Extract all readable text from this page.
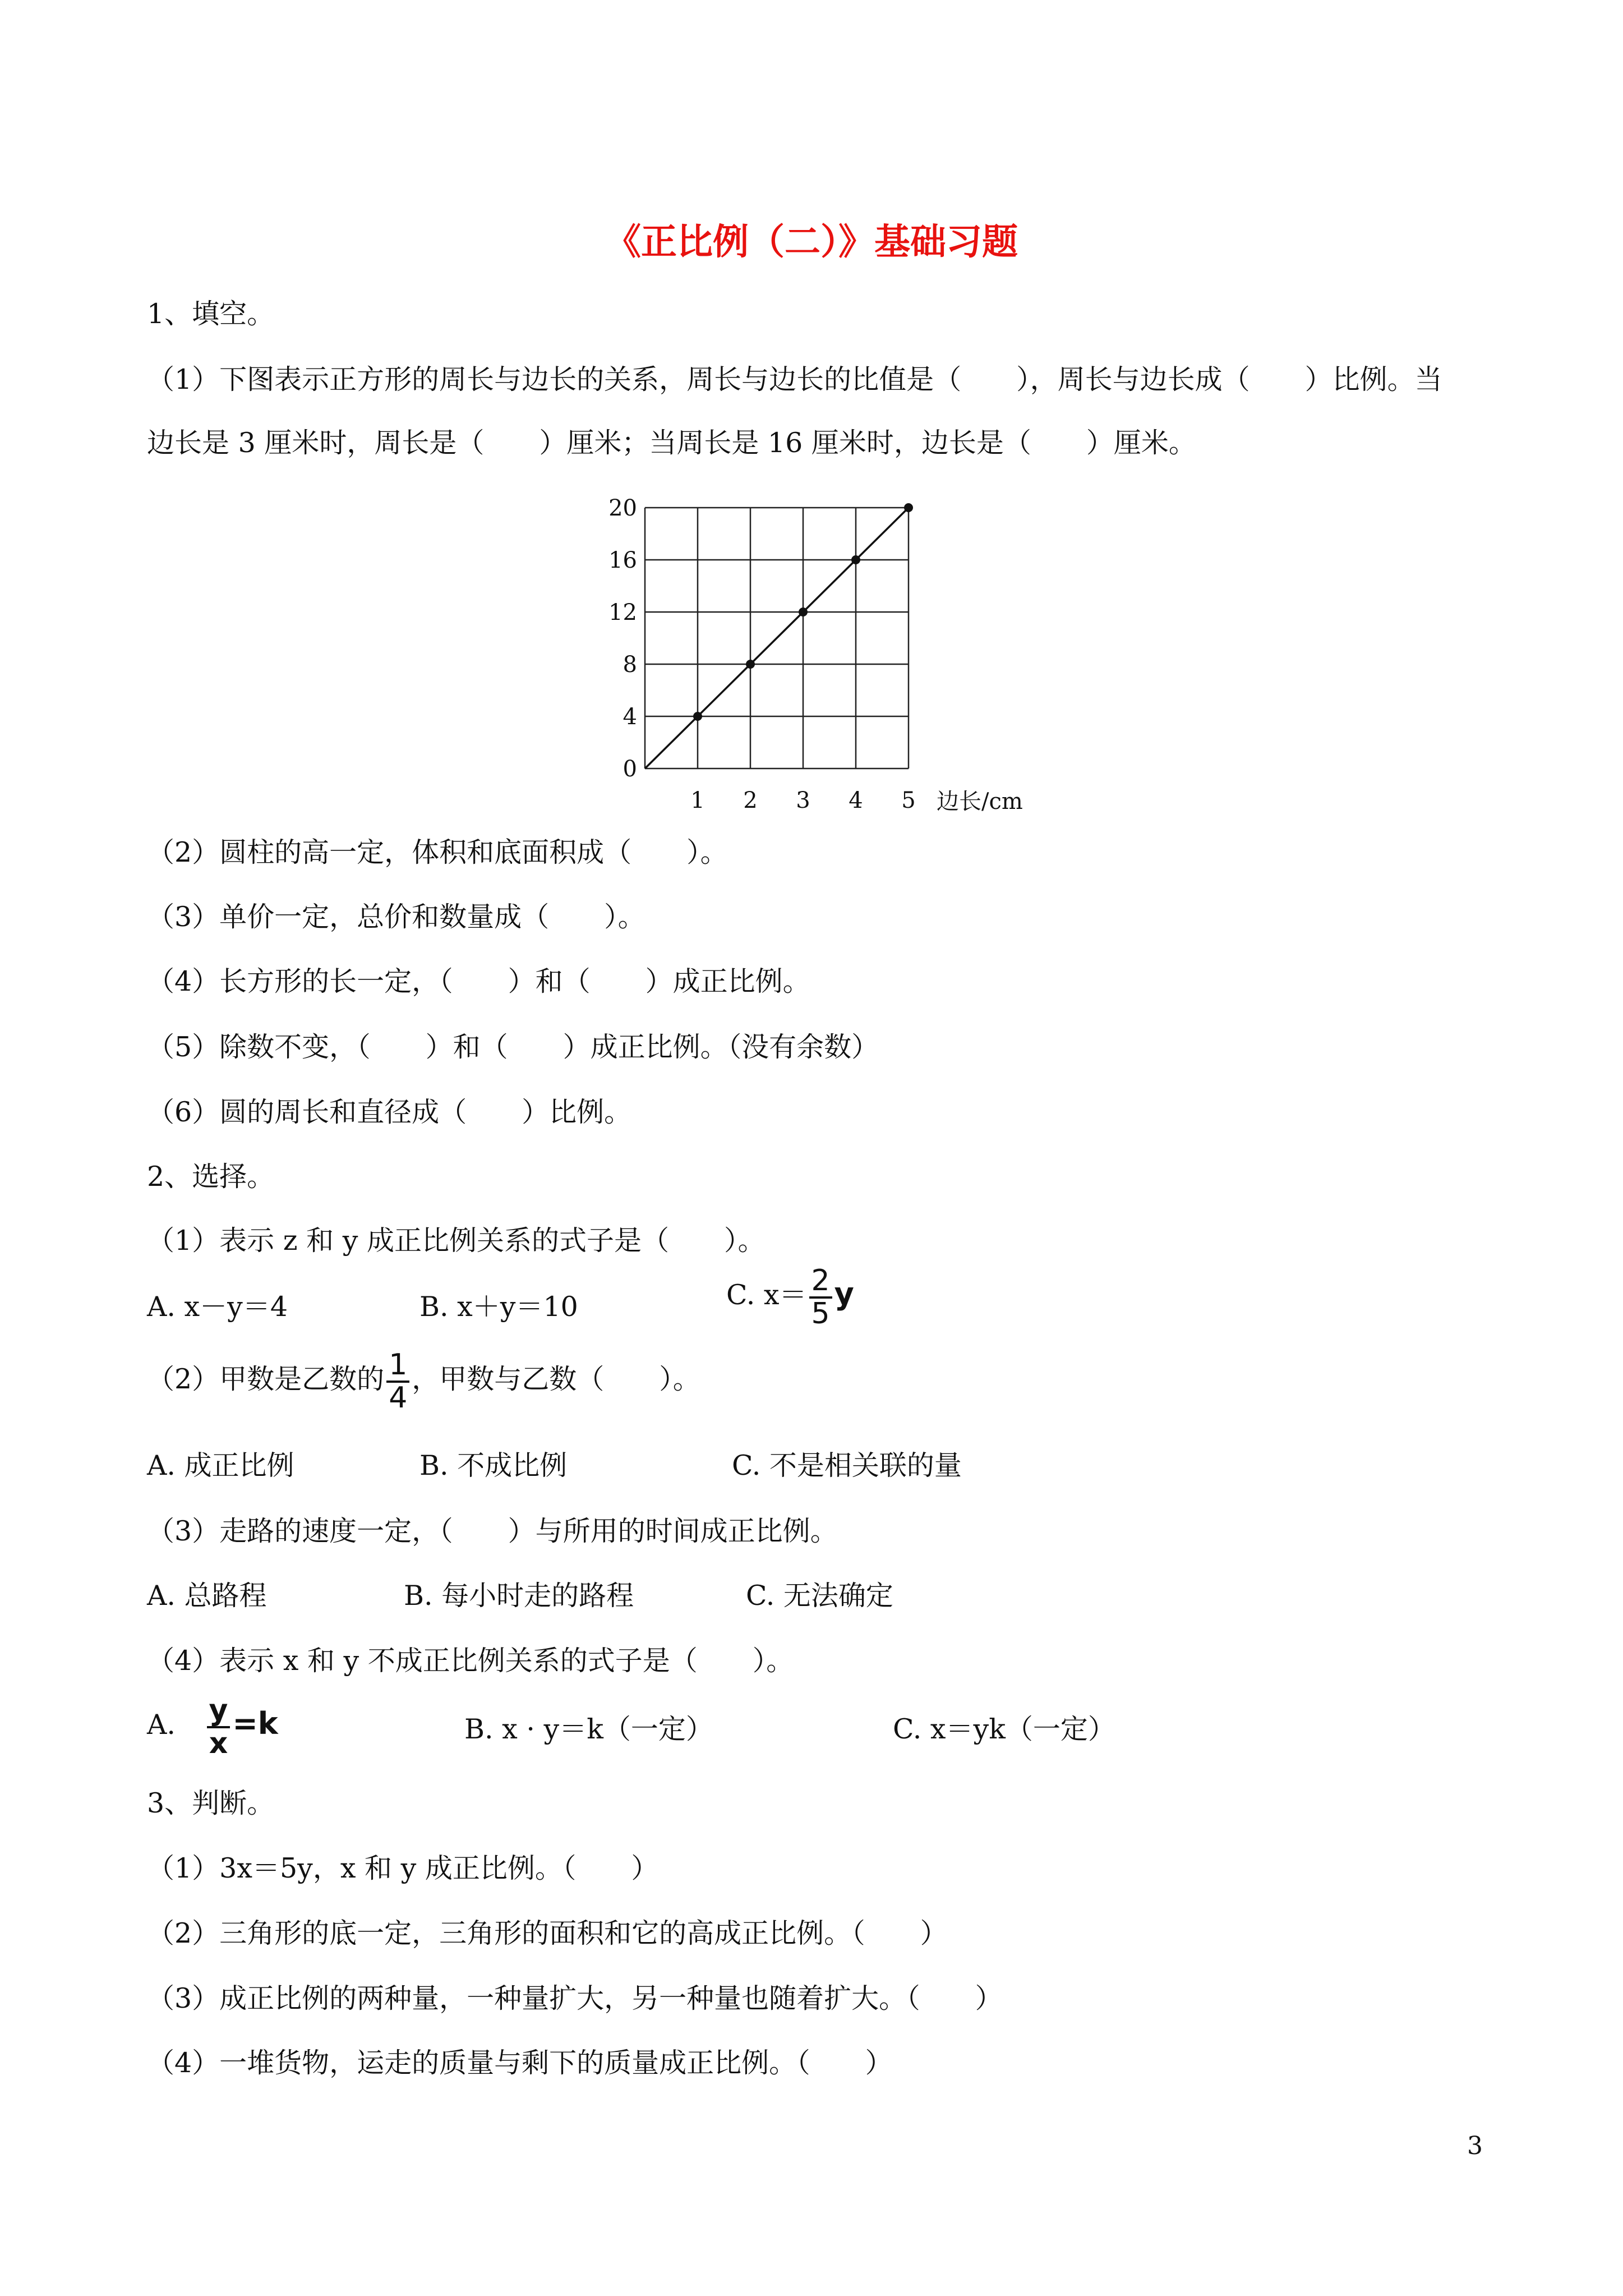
《正比例（二）》基础习题
1、填空。
（1）下图表示正方形的周长与边长的关系，周长与边长的比值是（　　），周长与边长成（　　）比例。当
边长是 3 厘米时，周长是（　　）厘米；当周长是 16 厘米时，边长是（　　）厘米。
0
4
8
12
16
20
1 2 3 4 5 边长/cm
（2）圆柱的高一定，体积和底面积成（　　）。
（3）单价一定，总价和数量成（　　）。
（4）长方形的长一定，（　　）和（　　）成正比例。
（5）除数不变，（　　）和（　　）成正比例。（没有余数）
（6）圆的周长和直径成（　　）比例。
2、选择。
（1）表示 z 和 y 成正比例关系的式子是（　　）。
A. x－y＝4	B. x＋y＝10	C. $x= \frac{2}{5}$ y
（2）甲数是乙数的 $\frac{1}{4}$ ，甲数与乙数（　　）。
A. 成正比例	B. 不成比例	C. 不是相关联的量
（3）走路的速度一定，（　　）与所用的时间成正比例。
A. 总路程	B. 每小时走的路程	C. 无法确定
（4）表示 x 和 y 不成正比例关系的式子是（　　）。
A. $\frac{y}{x} =k$	B. x · y＝k（一定）	C. x＝yk（一定）
3、判断。
（1）3x＝5y，x 和 y 成正比例。（　　）
（2）三角形的底一定，三角形的面积和它的高成正比例。（　　）
（3）成正比例的两种量，一种量扩大，另一种量也随着扩大。（　　）
（4）一堆货物，运走的质量与剩下的质量成正比例。（　　）
3
